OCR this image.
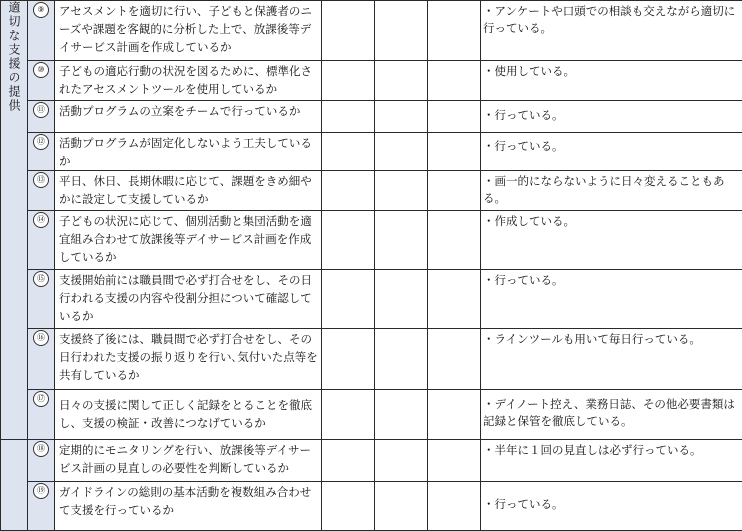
適切な支援の提供	⑨	アセスメントを適切に行い、子どもと保護者のニーズや課題を客観的に分析した上で、放課後等デイサービス計画を作成しているか				・アンケートや口頭での相談も交えながら適切に行っている。

	⑩	子どもの適応行動の状況を図るために、標準化されたアセスメントツールを使用しているか				・使用している。

	⑪	活動プログラムの立案をチームで行っているか				・行っている。

	⑫	活動プログラムが固定化しないよう工夫しているか				・行っている。

	⑬	平日、休日、長期休暇に応じて、課題をきめ細やかに設定して支援しているか				・画一的にならないように日々変えることもある。

	⑭	子どもの状況に応じて、個別活動と集団活動を適宜組み合わせて放課後等デイサービス計画を作成しているか				・作成している。

	⑮	支援開始前には職員間で必ず打合せをし、その日行われる支援の内容や役割分担について確認しているか				・行っている。

	⑯	支援終了後には、職員間で必ず打合せをし、その日行われた支援の振り返りを行い､気付いた点等を共有しているか				・ラインツールも用いて毎日行っている。

	⑰	日々の支援に関して正しく記録をとることを徹底し、支援の検証・改善につなげているか				・デイノート控え、業務日誌、その他必要書類は記録と保管を徹底している。

	⑱	定期的にモニタリングを行い、放課後等デイサービス計画の見直しの必要性を判断しているか				・半年に１回の見直しは必ず行っている。

	⑲	ガイドラインの総則の基本活動を複数組み合わせて支援を行っているか				・行っている。
